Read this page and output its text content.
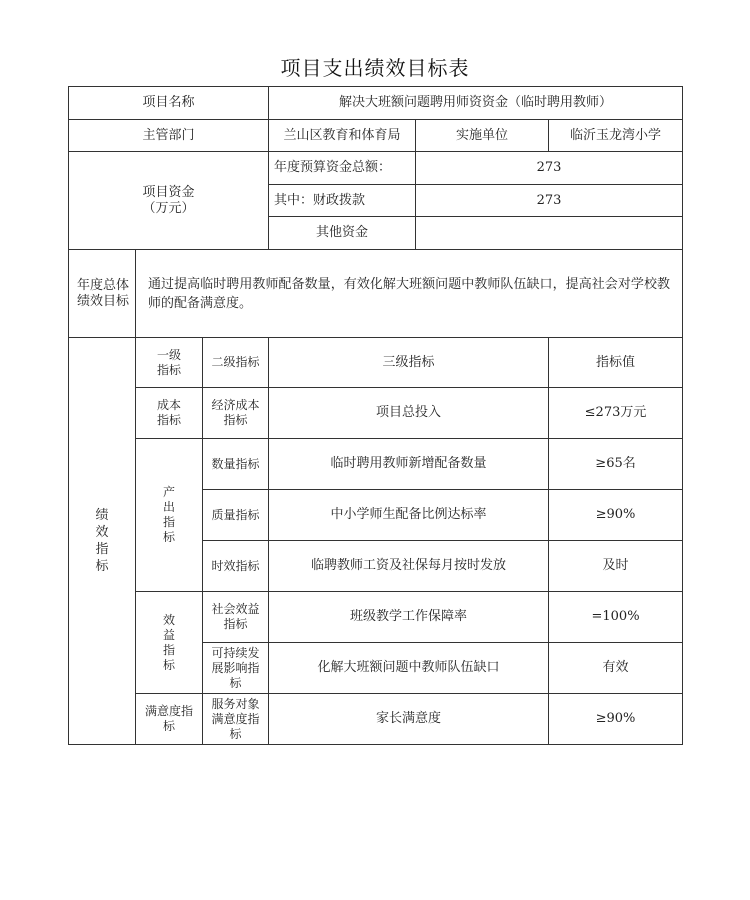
项目支出绩效目标表
项目名称			解决大班额问题聘用师资资金（临时聘用教师）		
主管部门			兰山区教育和体育局	实施单位	临沂玉龙湾小学
项目资金（万元）			年度预算资金总额：	273	
			其中：财政拨款	273	
			其他资金		
年度总体绩效目标	通过提高临时聘用教师配备数量，有效化解大班额问题中教师队伍缺口，提高社会对学校教师的配备满意度。				
绩效指标	一级指标	二级指标	三级指标		指标值
	成本指标	经济成本指标	项目总投入		≤273万元
	产出指标	数量指标	临时聘用教师新增配备数量		≥65名
		质量指标	中小学师生配备比例达标率		≥90%
		时效指标	临聘教师工资及社保每月按时发放		及时
	效益指标	社会效益指标	班级教学工作保障率		=100%
		可持续发展影响指标	化解大班额问题中教师队伍缺口		有效
	满意度指标	服务对象满意度指标	家长满意度		≥90%
